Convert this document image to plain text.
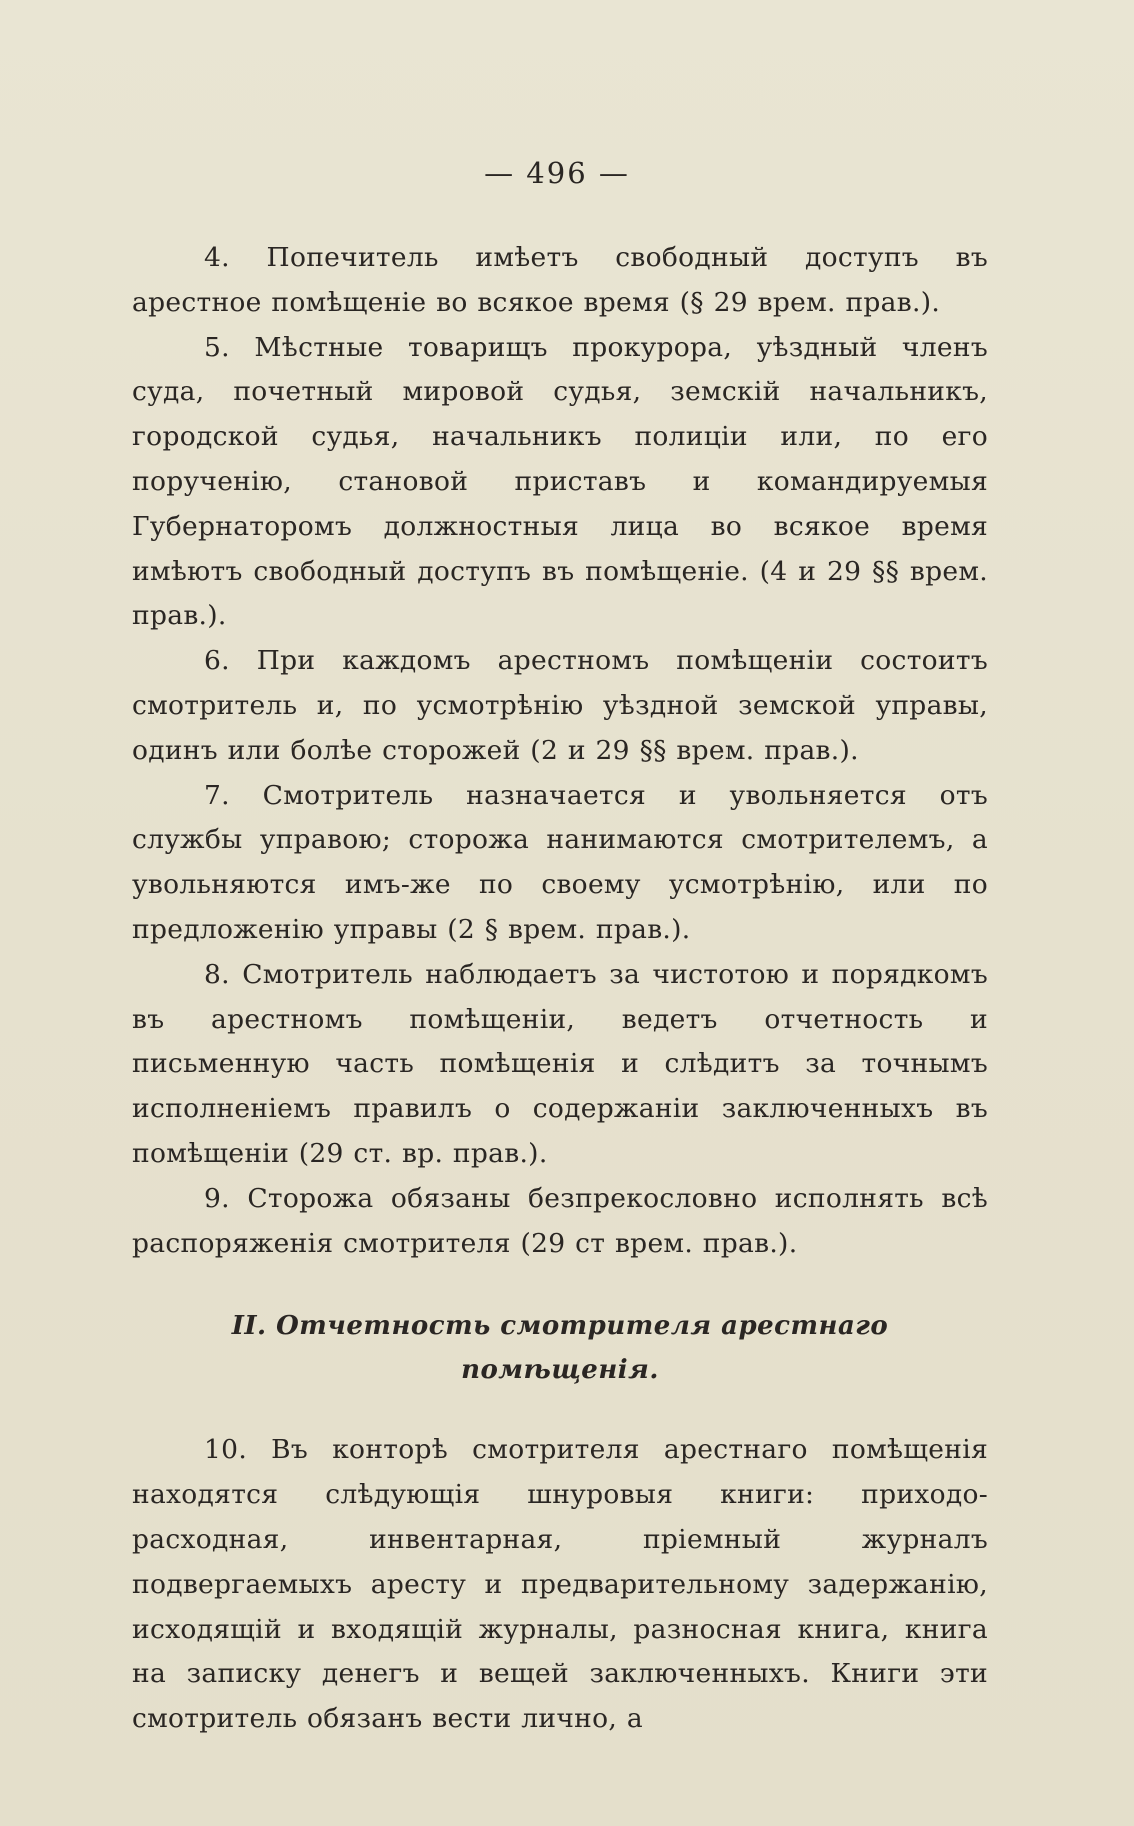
— 496 —

4. Попечитель имѣетъ свободный доступъ въ арестное помѣщеніе во всякое время (§ 29 врем. прав.).

5. Мѣстные товарищъ прокурора, уѣздный членъ суда, почетный мировой судья, земскій начальникъ, городской судья, начальникъ полиціи или, по его порученію, становой приставъ и командируемыя Губернаторомъ должностныя лица во всякое время имѣютъ свободный доступъ въ помѣщеніе. (4 и 29 §§ врем. прав.).

6. При каждомъ арестномъ помѣщеніи состоитъ смотритель и, по усмотрѣнію уѣздной земской управы, одинъ или болѣе сторожей (2 и 29 §§ врем. прав.).

7. Смотритель назначается и увольняется отъ службы управою; сторожа нанимаются смотрителемъ, а увольняются имъ-же по своему усмотрѣнію, или по предложенію управы (2 § врем. прав.).

8. Смотритель наблюдаетъ за чистотою и порядкомъ въ арестномъ помѣщеніи, ведетъ отчетность и письменную часть помѣщенія и слѣдитъ за точнымъ исполненіемъ правилъ о содержаніи заключенныхъ въ помѣщеніи (29 ст. вр. прав.).

9. Сторожа обязаны безпрекословно исполнять всѣ распоряженія смотрителя (29 ст врем. прав.).

II. Отчетность смотрителя арестнаго помѣщенія.

10. Въ конторѣ смотрителя арестнаго помѣщенія находятся слѣдующія шнуровыя книги: приходо-расходная, инвентарная, пріемный журналъ подвергаемыхъ аресту и предварительному задержанію, исходящій и входящій журналы, разносная книга, книга на записку денегъ и вещей заключенныхъ. Книги эти смотритель обязанъ вести лично, а
